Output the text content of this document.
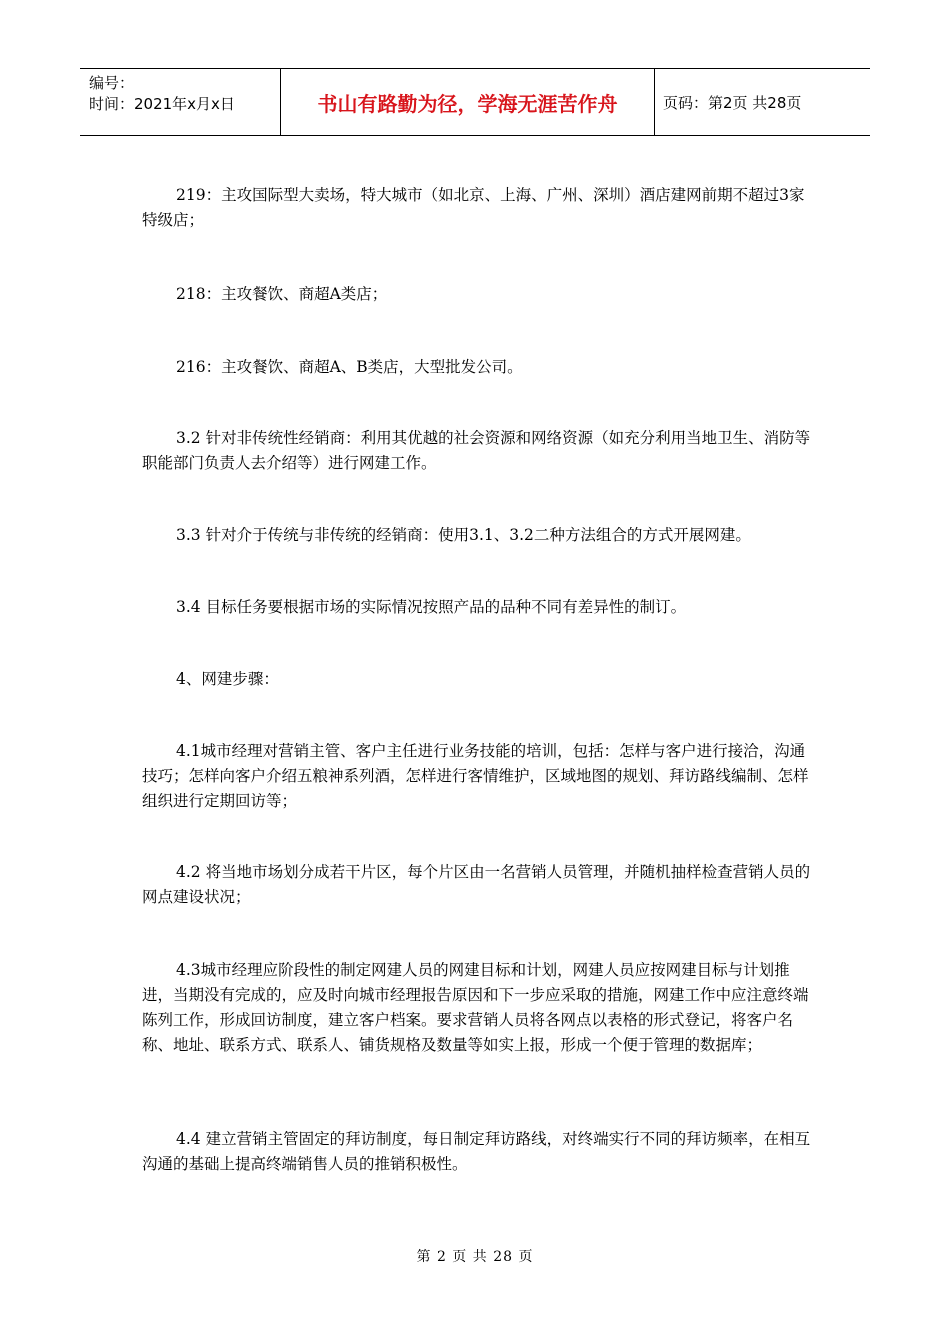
编号：
时间：2021年x月x日	书山有路勤为径，学海无涯苦作舟	页码：第2页 共28页

219：主攻国际型大卖场，特大城市（如北京、上海、广州、深圳）酒店建网前期不超过3家特级店；

218：主攻餐饮、商超A类店；

216：主攻餐饮、商超A、B类店，大型批发公司。

3.2 针对非传统性经销商：利用其优越的社会资源和网络资源（如充分利用当地卫生、消防等职能部门负责人去介绍等）进行网建工作。

3.3 针对介于传统与非传统的经销商：使用3.1、3.2二种方法组合的方式开展网建。

3.4 目标任务要根据市场的实际情况按照产品的品种不同有差异性的制订。

4、网建步骤：

4.1城市经理对营销主管、客户主任进行业务技能的培训，包括：怎样与客户进行接洽，沟通技巧；怎样向客户介绍五粮神系列酒，怎样进行客情维护，区域地图的规划、拜访路线编制、怎样组织进行定期回访等；

4.2 将当地市场划分成若干片区，每个片区由一名营销人员管理，并随机抽样检查营销人员的网点建设状况；

4.3城市经理应阶段性的制定网建人员的网建目标和计划，网建人员应按网建目标与计划推进，当期没有完成的，应及时向城市经理报告原因和下一步应采取的措施，网建工作中应注意终端陈列工作，形成回访制度，建立客户档案。要求营销人员将各网点以表格的形式登记，将客户名称、地址、联系方式、联系人、铺货规格及数量等如实上报，形成一个便于管理的数据库；

4.4 建立营销主管固定的拜访制度，每日制定拜访路线，对终端实行不同的拜访频率，在相互沟通的基础上提高终端销售人员的推销积极性。

第 2 页 共 28 页
